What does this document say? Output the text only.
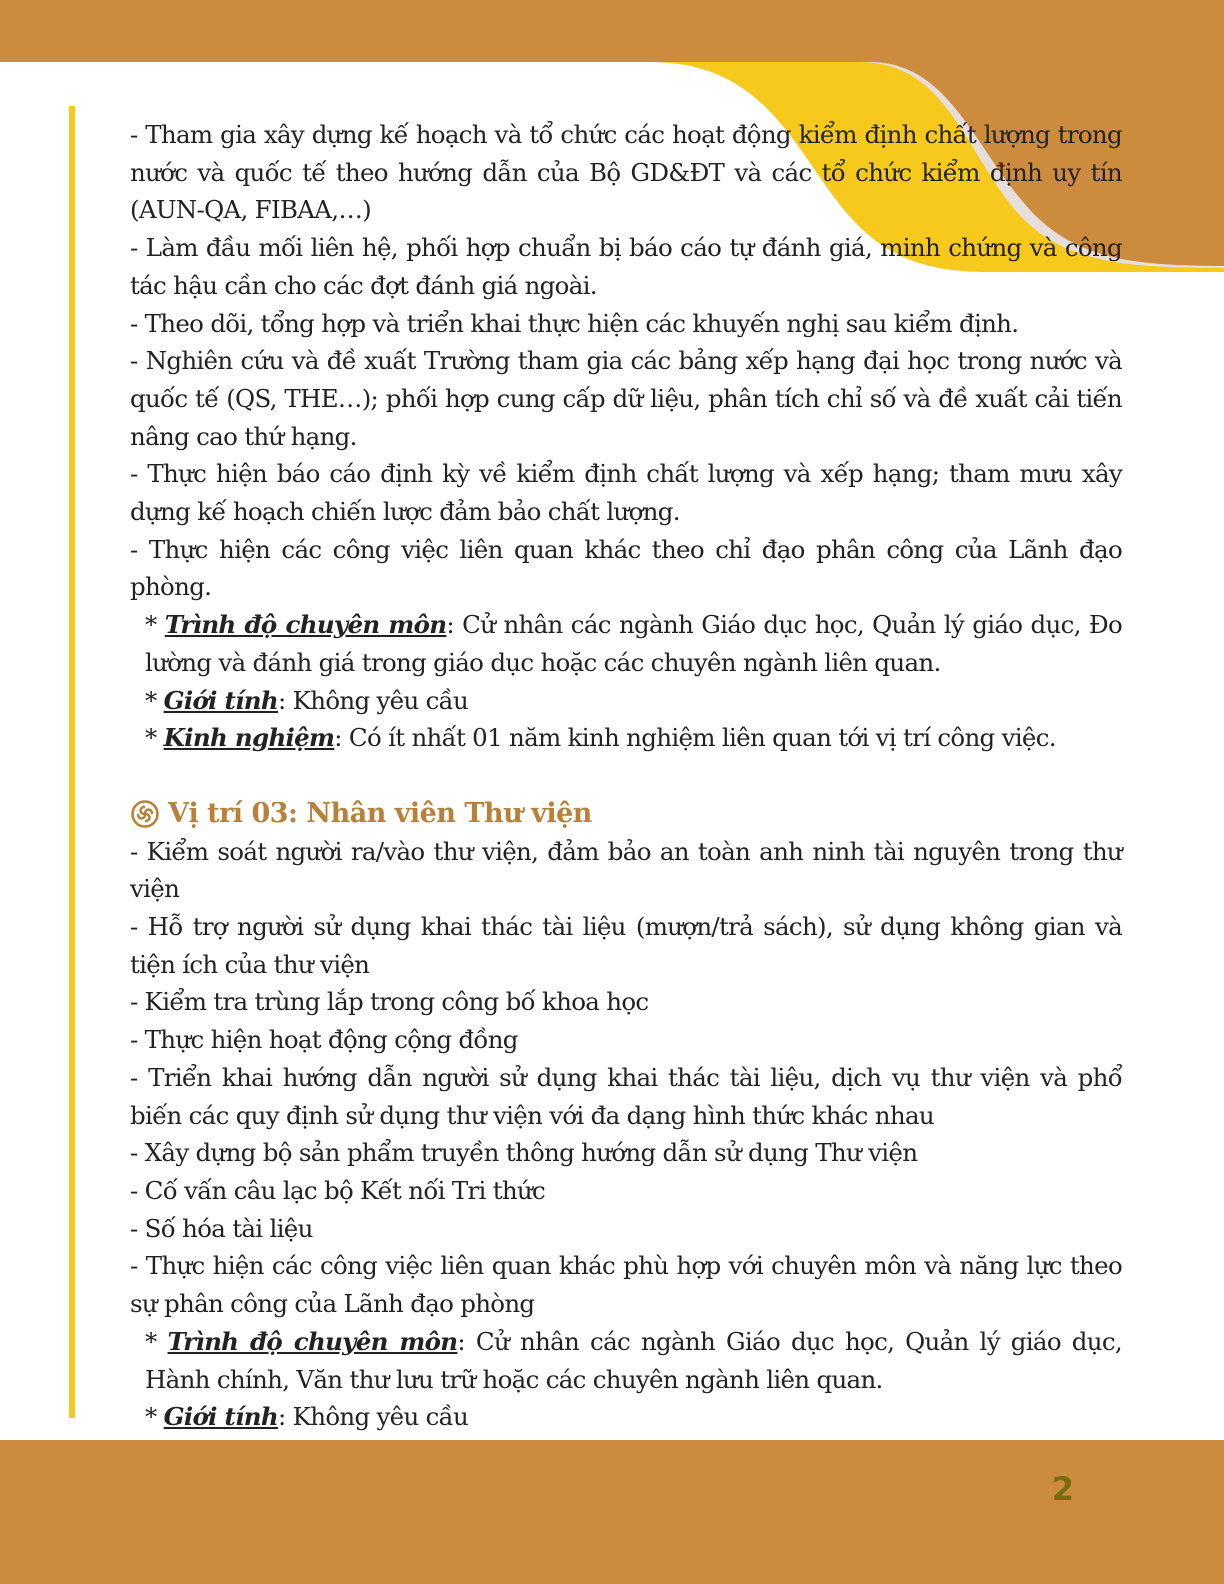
- Tham gia xây dựng kế hoạch và tổ chức các hoạt động kiểm định chất lượng trong nước và quốc tế theo hướng dẫn của Bộ GD&ĐT và các tổ chức kiểm định uy tín (AUN-QA, FIBAA,…)

- Làm đầu mối liên hệ, phối hợp chuẩn bị báo cáo tự đánh giá, minh chứng và công tác hậu cần cho các đợt đánh giá ngoài.

- Theo dõi, tổng hợp và triển khai thực hiện các khuyến nghị sau kiểm định.

- Nghiên cứu và đề xuất Trường tham gia các bảng xếp hạng đại học trong nước và quốc tế (QS, THE…); phối hợp cung cấp dữ liệu, phân tích chỉ số và đề xuất cải tiến nâng cao thứ hạng.

- Thực hiện báo cáo định kỳ về kiểm định chất lượng và xếp hạng; tham mưu xây dựng kế hoạch chiến lược đảm bảo chất lượng.

- Thực hiện các công việc liên quan khác theo chỉ đạo phân công của Lãnh đạo phòng.

* Trình độ chuyên môn: Cử nhân các ngành Giáo dục học, Quản lý giáo dục, Đo lường và đánh giá trong giáo dục hoặc các chuyên ngành liên quan.

* Giới tính: Không yêu cầu

* Kinh nghiệm: Có ít nhất 01 năm kinh nghiệm liên quan tới vị trí công việc.

Vị trí 03: Nhân viên Thư viện

- Kiểm soát người ra/vào thư viện, đảm bảo an toàn anh ninh tài nguyên trong thư viện

- Hỗ trợ người sử dụng khai thác tài liệu (mượn/trả sách), sử dụng không gian và tiện ích của thư viện

- Kiểm tra trùng lắp trong công bố khoa học

- Thực hiện hoạt động cộng đồng

- Triển khai hướng dẫn người sử dụng khai thác tài liệu, dịch vụ thư viện và phổ biến các quy định sử dụng thư viện với đa dạng hình thức khác nhau

- Xây dựng bộ sản phẩm truyền thông hướng dẫn sử dụng Thư viện

- Cố vấn câu lạc bộ Kết nối Tri thức

- Số hóa tài liệu

- Thực hiện các công việc liên quan khác phù hợp với chuyên môn và năng lực theo sự phân công của Lãnh đạo phòng

* Trình độ chuyên môn: Cử nhân các ngành Giáo dục học, Quản lý giáo dục, Hành chính, Văn thư lưu trữ hoặc các chuyên ngành liên quan.

* Giới tính: Không yêu cầu

2
